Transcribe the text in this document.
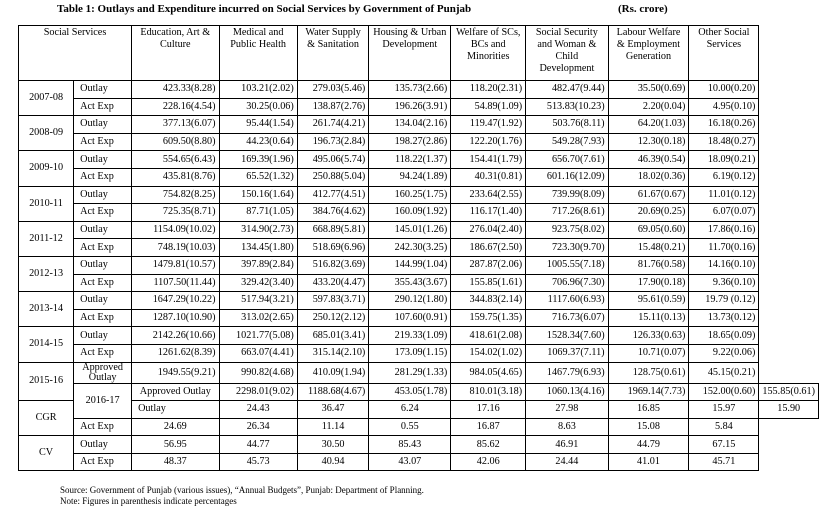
Table 1: Outlays and Expenditure incurred on Social Services by Government of Punjab	(Rs. crore)
Social Services		Education, Art & Culture	Medical and Public Health	Water Supply & Sanitation	Housing & Urban Development	Welfare of SCs, BCs and Minorities	Social Security and Woman & Child Development	Labour Welfare & Employment Generation	Other Social Services	
2007-08	Outlay	423.33(8.28)	103.21(2.02)	279.03(5.46)	135.73(2.66)	118.20(2.31)	482.47(9.44)	35.50(0.69)	10.00(0.20)	
	Act Exp	228.16(4.54)	30.25(0.06)	138.87(2.76)	196.26(3.91)	54.89(1.09)	513.83(10.23)	2.20(0.04)	4.95(0.10)	
2008-09	Outlay	377.13(6.07)	95.44(1.54)	261.74(4.21)	134.04(2.16)	119.47(1.92)	503.76(8.11)	64.20(1.03)	16.18(0.26)	
	Act Exp	609.50(8.80)	44.23(0.64)	196.73(2.84)	198.27(2.86)	122.20(1.76)	549.28(7.93)	12.30(0.18)	18.48(0.27)	
2009-10	Outlay	554.65(6.43)	169.39(1.96)	495.06(5.74)	118.22(1.37)	154.41(1.79)	656.70(7.61)	46.39(0.54)	18.09(0.21)	
	Act Exp	435.81(8.76)	65.52(1.32)	250.88(5.04)	94.24(1.89)	40.31(0.81)	601.16(12.09)	18.02(0.36)	6.19(0.12)	
2010-11	Outlay	754.82(8.25)	150.16(1.64)	412.77(4.51)	160.25(1.75)	233.64(2.55)	739.99(8.09)	61.67(0.67)	11.01(0.12)	
	Act Exp	725.35(8.71)	87.71(1.05)	384.76(4.62)	160.09(1.92)	116.17(1.40)	717.26(8.61)	20.69(0.25)	6.07(0.07)	
2011-12	Outlay	1154.09(10.02)	314.90(2.73)	668.89(5.81)	145.01(1.26)	276.04(2.40)	923.75(8.02)	69.05(0.60)	17.86(0.16)	
	Act Exp	748.19(10.03)	134.45(1.80)	518.69(6.96)	242.30(3.25)	186.67(2.50)	723.30(9.70)	15.48(0.21)	11.70(0.16)	
2012-13	Outlay	1479.81(10.57)	397.89(2.84)	516.82(3.69)	144.99(1.04)	287.87(2.06)	1005.55(7.18)	81.76(0.58)	14.16(0.10)	
	Act Exp	1107.50(11.44)	329.42(3.40)	433.20(4.47)	355.43(3.67)	155.85(1.61)	706.96(7.30)	17.90(0.18)	9.36(0.10)	
2013-14	Outlay	1647.29(10.22)	517.94(3.21)	597.83(3.71)	290.12(1.80)	344.83(2.14)	1117.60(6.93)	95.61(0.59)	19.79 (0.12)	
	Act Exp	1287.10(10.90)	313.02(2.65)	250.12(2.12)	107.60(0.91)	159.75(1.35)	716.73(6.07)	15.11(0.13)	13.73(0.12)	
2014-15	Outlay	2142.26(10.66)	1021.77(5.08)	685.01(3.41)	219.33(1.09)	418.61(2.08)	1528.34(7.60)	126.33(0.63)	18.65(0.09)	
	Act Exp	1261.62(8.39)	663.07(4.41)	315.14(2.10)	173.09(1.15)	154.02(1.02)	1069.37(7.11)	10.71(0.07)	9.22(0.06)	
2015-16	Approved Outlay	1949.55(9.21)	990.82(4.68)	410.09(1.94)	281.29(1.33)	984.05(4.65)	1467.79(6.93)	128.75(0.61)	45.15(0.21)	
	2016-17	Approved Outlay	2298.01(9.02)	1188.68(4.67)	453.05(1.78)	810.01(3.18)	1060.13(4.16)	1969.14(7.73)	152.00(0.60)	155.85(0.61)
CGR		Outlay	24.43	36.47	6.24	17.16	27.98	16.85	15.97	15.90
	Act Exp	24.69	26.34	11.14	0.55	16.87	8.63	15.08	5.84	
CV	Outlay	56.95	44.77	30.50	85.43	85.62	46.91	44.79	67.15	
	Act Exp	48.37	45.73	40.94	43.07	42.06	24.44	41.01	45.71	
Source: Government of Punjab (various issues), “Annual Budgets”, Punjab: Department of Planning.
Note: Figures in parenthesis indicate percentages
